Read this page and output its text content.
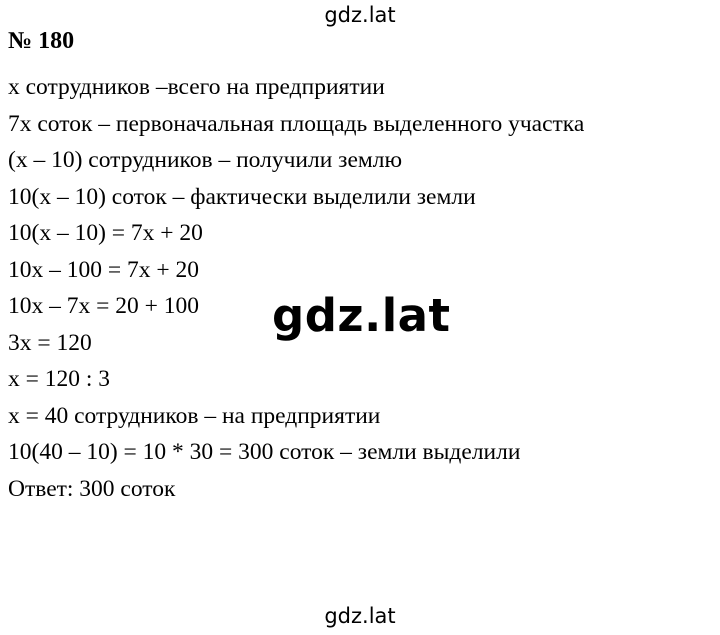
gdz.lat
№ 180
х сотрудников –всего на предприятии
7х соток – первоначальная площадь выделенного участка
(х – 10) сотрудников – получили землю
10(х – 10) соток – фактически выделили земли
10(х – 10) = 7х + 20
10х – 100 = 7х + 20
10х – 7х = 20 + 100
3х = 120
х = 120 : 3
х = 40 сотрудников – на предприятии
10(40 – 10) = 10 * 30 = 300 соток – земли выделили
Ответ: 300 соток
gdz.lat
gdz.lat
